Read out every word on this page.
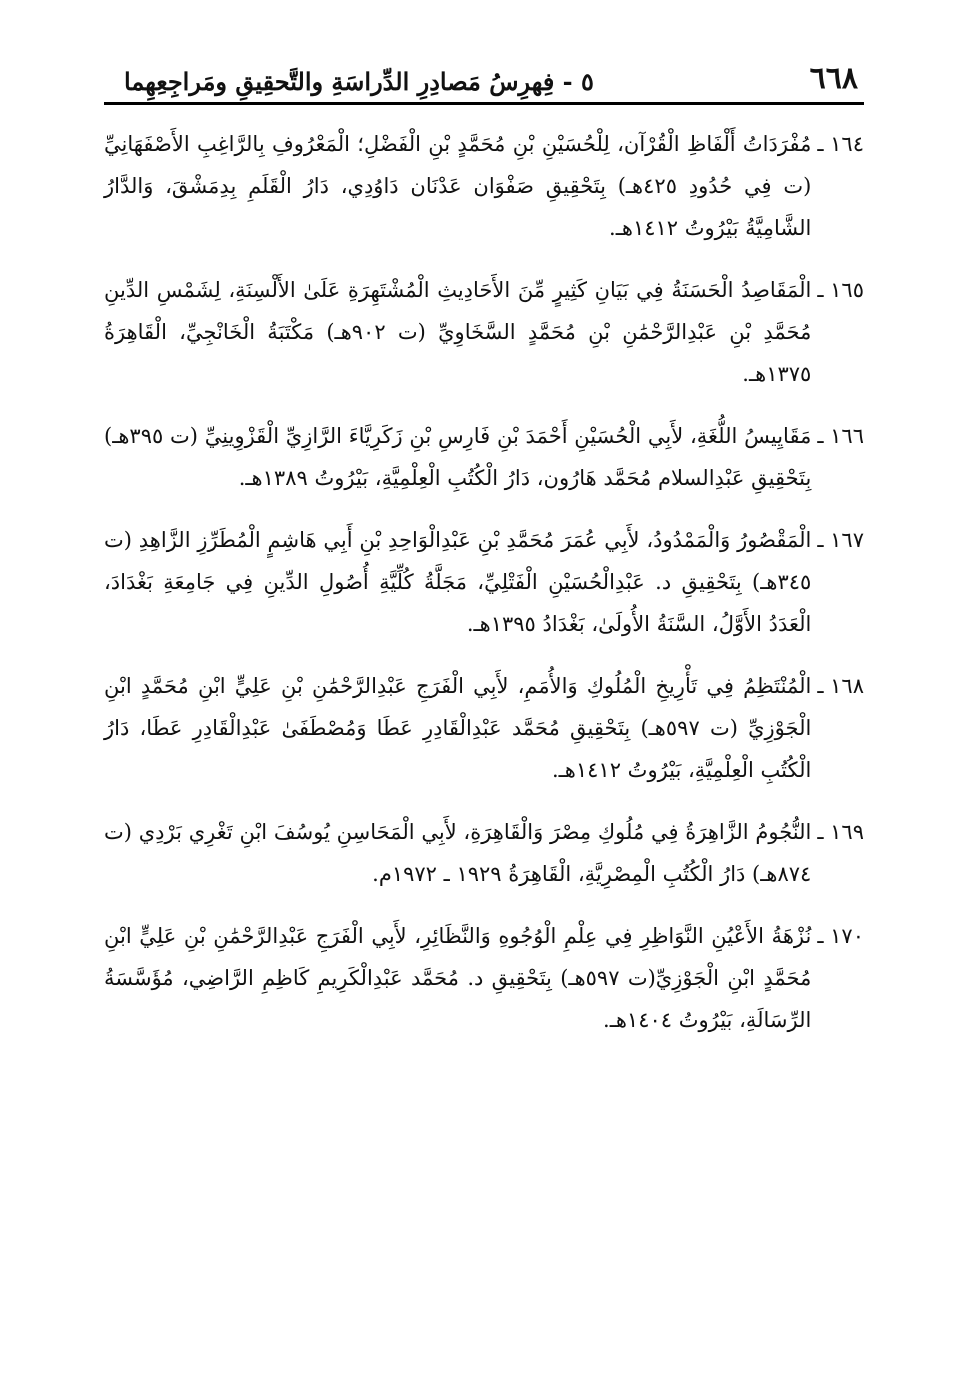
٦٦٨
٥ - فِهرِسُ مَصادِرِ الدِّراسَةِ والتَّحقِيقِ ومَراجِعِهِما
١٦٤ ـ
مُفْرَدَاتُ أَلْفَاظِ الْقُرْآن، لِلْحُسَيْنِ بْنِ مُحَمَّدٍ بْنِ الْفَضْلِ؛ الْمَعْرُوفِ بِالرَّاغِبِ الأَصْفَهَانِيِّ (ت فِي حُدُودِ ٤٢٥هـ) بِتَحْقِيقِ صَفْوَان عَدْنَان دَاوُدِي، دَارُ الْقَلَمِ بِدِمَشْقَ، وَالدَّارُ الشَّامِيَّةُ بَيْرُوتُ ١٤١٢هـ.
١٦٥ ـ
الْمَقَاصِدُ الْحَسَنَةُ فِي بَيَانِ كَثِيرٍ مِّنَ الأَحَادِيثِ الْمُشْتَهِرَةِ عَلَىٰ الأَلْسِنَةِ، لِشَمْسِ الدِّينِ مُحَمَّدِ بْنِ عَبْدِالرَّحْمَٰنِ بْنِ مُحَمَّدٍ السَّخَاوِيِّ (ت ٩٠٢هـ) مَكْتَبَةُ الْخَانْجِيِّ، الْقَاهِرَةُ ١٣٧٥هـ.
١٦٦ ـ
مَقَايِيسُ اللُّغَةِ، لأَبِي الْحُسَيْنِ أَحْمَدَ بْنِ فَارِسِ بْنِ زَكَرِيَّاءَ الرَّازِيِّ الْقَزْوِينِيِّ (ت ٣٩٥هـ) بِتَحْقِيقِ عَبْدِالسلام مُحَمَّد هَارُون، دَارُ الْكُتُبِ الْعِلْمِيَّةِ، بَيْرُوتُ ١٣٨٩هـ.
١٦٧ ـ
الْمَقْصُورُ وَالْمَمْدُودُ، لأَبِي عُمَرَ مُحَمَّدِ بْنِ عَبْدِالْوَاحِدِ بْنِ أَبِي هَاشِمٍ الْمُطَرِّزِ الزَّاهِدِ (ت ٣٤٥هـ) بِتَحْقِيقِ د. عَبْدِالْحُسَيْنِ الْفَتْلِيِّ، مَجَلَّةُ كُلِّيَّةِ أُصُولِ الدِّينِ فِي جَامِعَةِ بَغْدَادَ، الْعَدَدُ الأَوَّلُ، السَّنَةُ الأُولَىٰ، بَغْدَادُ ١٣٩٥هـ.
١٦٨ ـ
الْمُنْتَظِمُ فِي تَأْرِيخِ الْمُلُوكِ وَالأُمَمِ، لأَبِي الْفَرَجِ عَبْدِالرَّحْمَٰنِ بْنِ عَلِيٍّ ابْنِ مُحَمَّدٍ ابْنِ الْجَوْزِيِّ (ت ٥٩٧هـ) بِتَحْقِيقِ مُحَمَّد عَبْدِالْقَادِرِ عَطَا وَمُصْطَفَىٰ عَبْدِالْقَادِرِ عَطَا، دَارُ الْكُتُبِ الْعِلْمِيَّةِ، بَيْرُوتُ ١٤١٢هـ.
١٦٩ ـ
النُّجُومُ الزَّاهِرَةُ فِي مُلُوكِ مِصْرَ وَالْقَاهِرَةِ، لأَبِي الْمَحَاسِنِ يُوسُفَ ابْنِ تَغْرِي بَرْدِي (ت ٨٧٤هـ) دَارُ الْكُتُبِ الْمِصْرِيَّةِ، الْقَاهِرَةُ ١٩٢٩ ـ ١٩٧٢م.
١٧٠ ـ
نُزْهَةُ الأَعْيُنِ النَّوَاظِرِ فِي عِلْمِ الْوُجُوهِ وَالنَّظَائِرِ، لأَبِي الْفَرَجِ عَبْدِالرَّحْمَٰنِ بْنِ عَلِيٍّ ابْنِ مُحَمَّدٍ ابْنِ الْجَوْزِيِّ(ت ٥٩٧هـ) بِتَحْقِيقِ د. مُحَمَّد عَبْدِالْكَرِيمِ كَاظِمِ الرَّاضِي، مُؤَسَّسَةُ الرِّسَالَةِ، بَيْرُوتُ ١٤٠٤هـ.
